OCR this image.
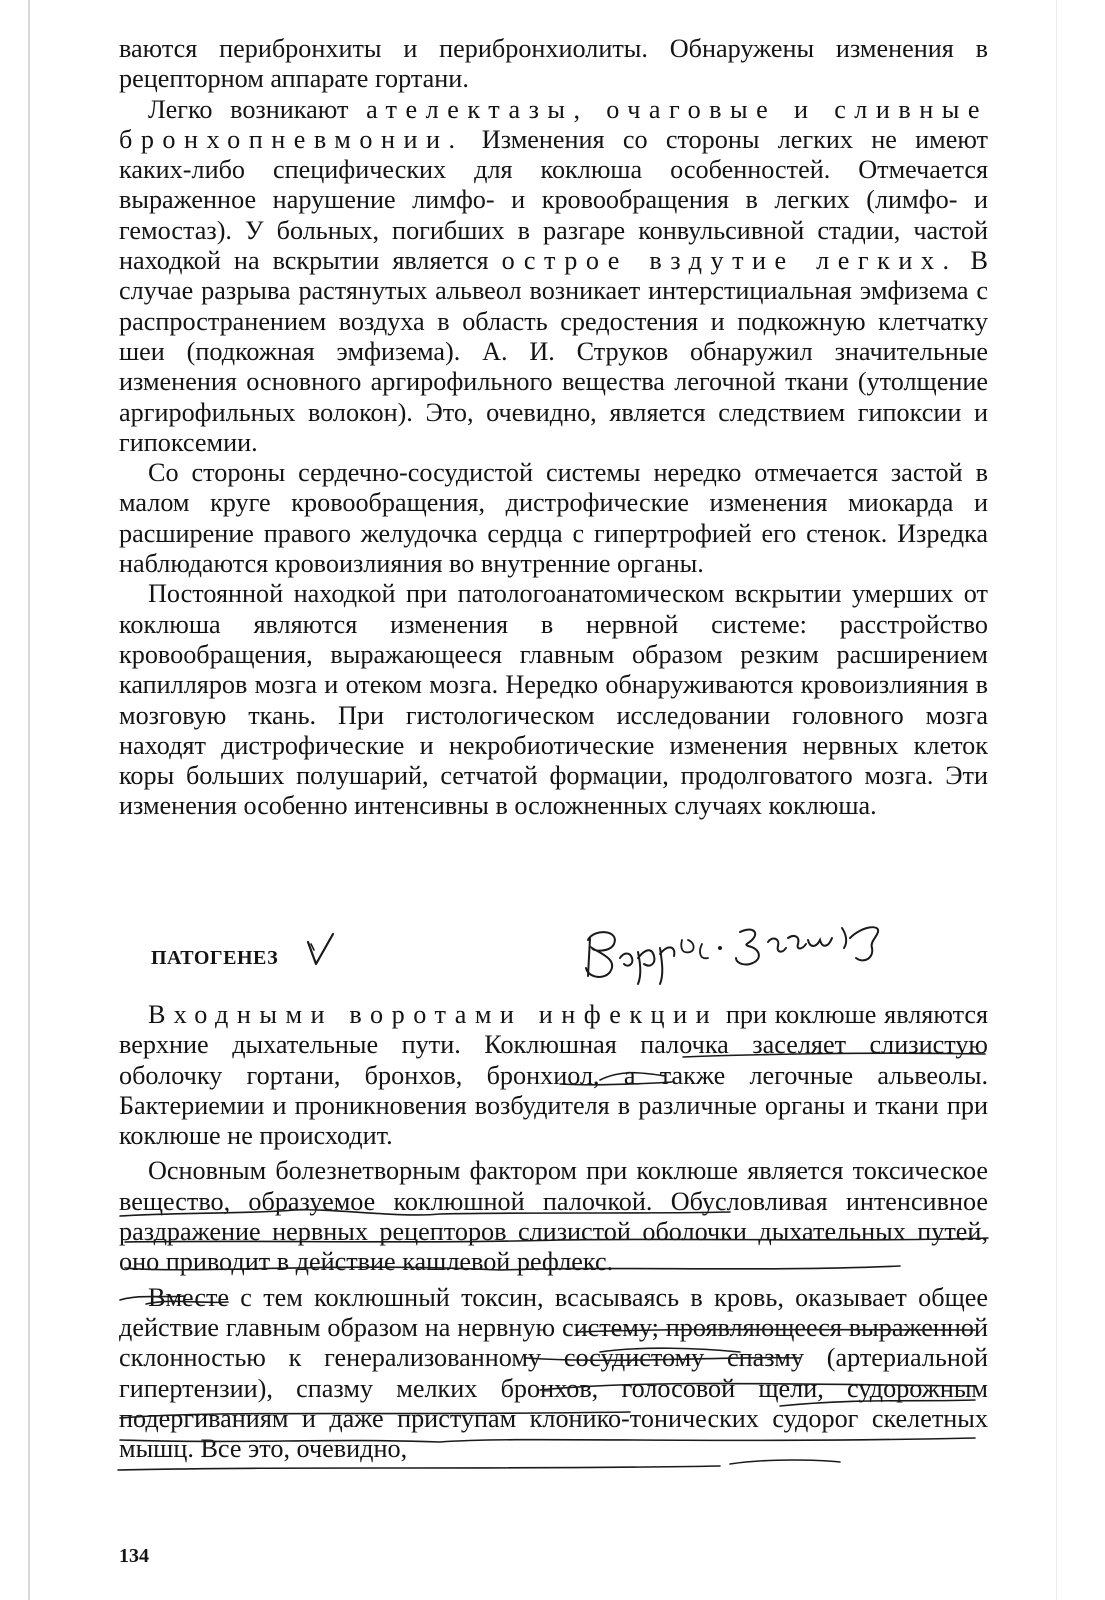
ваются перибронхиты и перибронхиолиты. Обнаружены изменения в рецепторном аппарате гортани.

Легко возникают ателектазы, очаговые и сливные бронхопневмонии. Изменения со стороны легких не имеют каких-либо специфических для коклюша особенностей. Отмечается выраженное нарушение лимфо- и кровообращения в легких (лимфо- и гемостаз). У больных, погибших в разгаре конвульсивной стадии, частой находкой на вскрытии является острое вздутие легких. В случае разрыва растянутых альвеол возникает интерстициальная эмфизема с распространением воздуха в область средостения и подкожную клетчатку шеи (подкожная эмфизема). А. И. Струков обнаружил значительные изменения основного аргирофильного вещества легочной ткани (утолщение аргирофильных волокон). Это, очевидно, является следствием гипоксии и гипоксемии.

Со стороны сердечно-сосудистой системы нередко отмечается застой в малом круге кровообращения, дистрофические изменения миокарда и расширение правого желудочка сердца с гипертрофией его стенок. Изредка наблюдаются кровоизлияния во внутренние органы.

Постоянной находкой при патологоанатомическом вскрытии умерших от коклюша являются изменения в нервной системе: расстройство кровообращения, выражающееся главным образом резким расширением капилляров мозга и отеком мозга. Нередко обнаруживаются кровоизлияния в мозговую ткань. При гистологическом исследовании головного мозга находят дистрофические и некробиотические изменения нервных клеток коры больших полушарий, сетчатой формации, продолговатого мозга. Эти изменения особенно интенсивны в осложненных случаях коклюша.

ПАТОГЕНЕЗ

Входными воротами инфекции при коклюше являются верхние дыхательные пути. Коклюшная палочка заселяет слизистую оболочку гортани, бронхов, бронхиол, а также легочные альвеолы. Бактериемии и проникновения возбудителя в различные органы и ткани при коклюше не происходит.

Основным болезнетворным фактором при коклюше является токсическое вещество, образуемое коклюшной палочкой. Обусловливая интенсивное раздражение нервных рецепторов слизистой оболочки дыхательных путей, оно приводит в действие кашлевой рефлекс.

Вместе с тем коклюшный токсин, всасываясь в кровь, оказывает общее действие главным образом на нервную систему; проявляющееся выраженной склонностью к генерализованному сосудистому спазму (артериальной гипертензии), спазму мелких бронхов, голосовой щели, судорожным подергиваниям и даже приступам клонико-тонических судорог скелетных мышц. Все это, очевидно,

134
